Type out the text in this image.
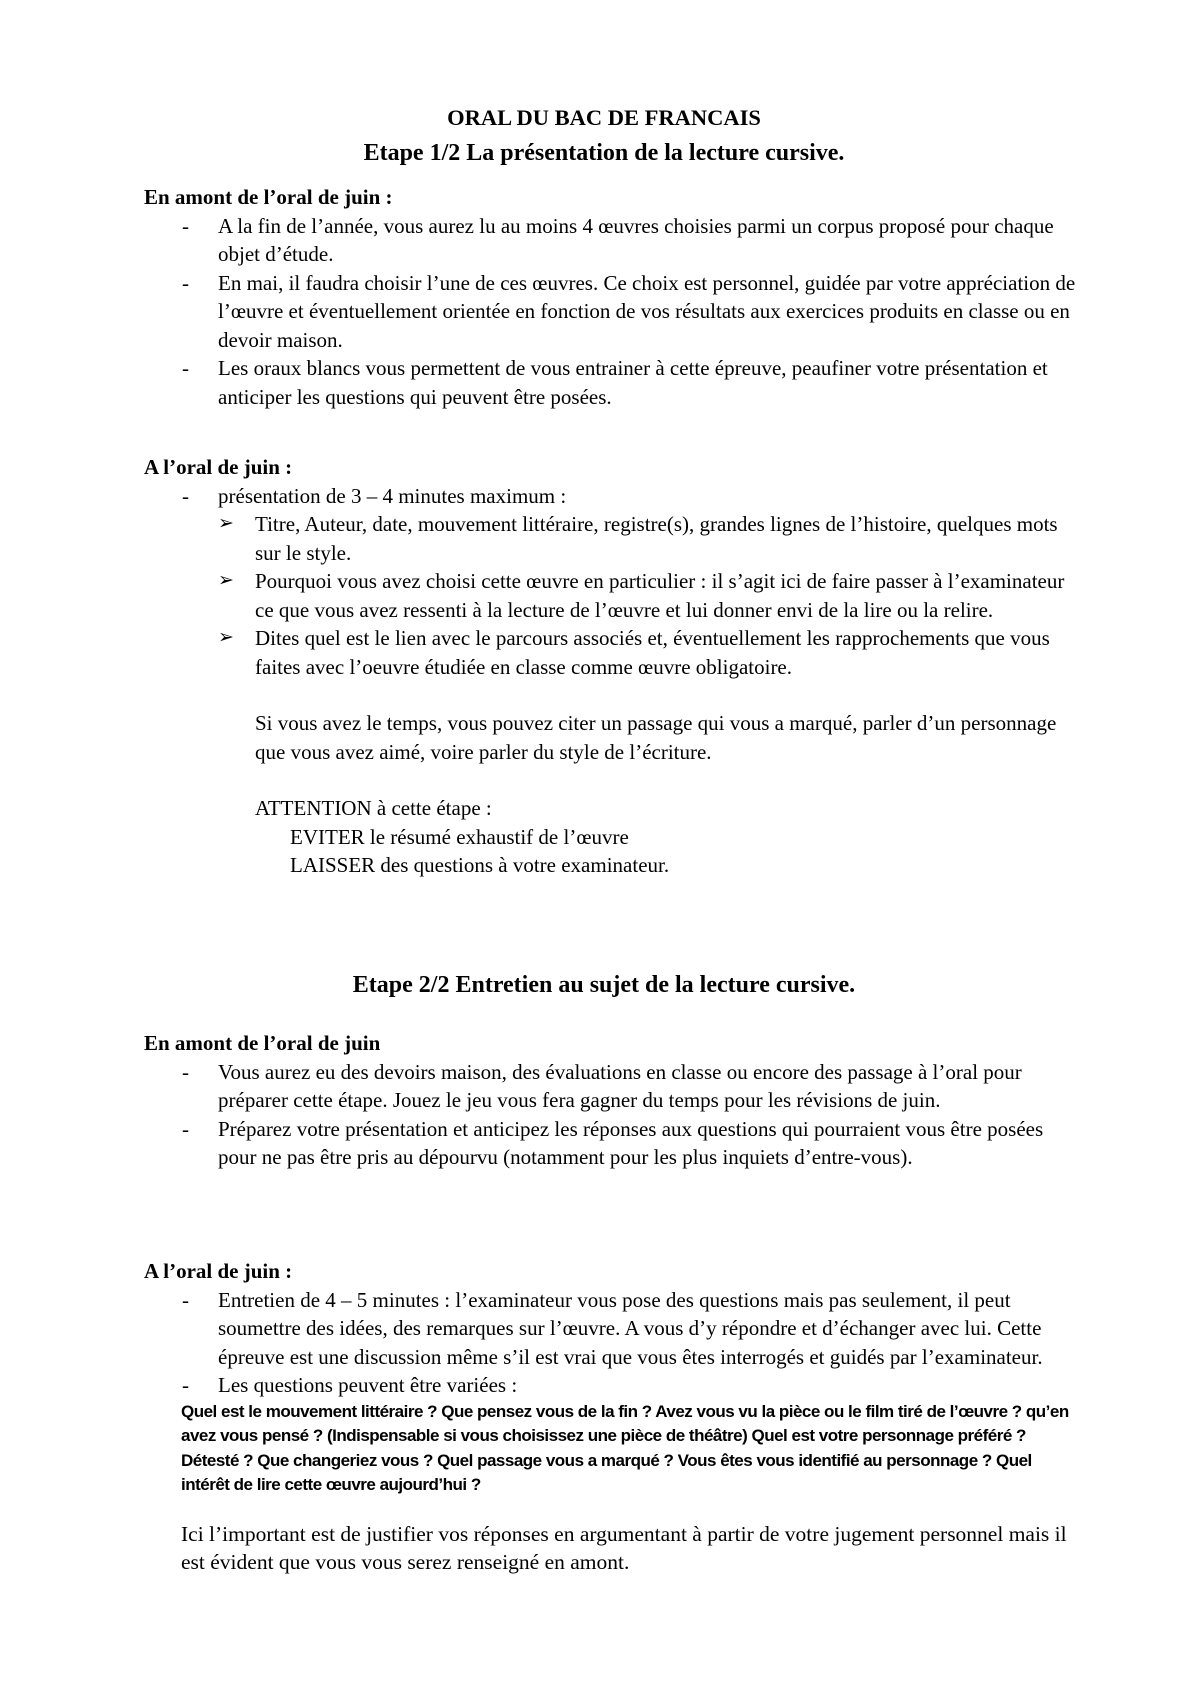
ORAL DU BAC DE FRANCAIS
Etape 1/2 La présentation de la lecture cursive.

En amont de l’oral de juin :

- A la fin de l’année, vous aurez lu au moins 4 œuvres choisies parmi un corpus proposé pour chaque objet d’étude.
- En mai, il faudra choisir l’une de ces œuvres. Ce choix est personnel, guidée par votre appréciation de l’œuvre et éventuellement orientée en fonction de vos résultats aux exercices produits en classe ou en devoir maison.
- Les oraux blancs vous permettent de vous entrainer à cette épreuve, peaufiner votre présentation et anticiper les questions qui peuvent être posées.

A l’oral de juin :

- présentation de 3 – 4 minutes maximum :
➢ Titre, Auteur, date, mouvement littéraire, registre(s), grandes lignes de l’histoire, quelques mots sur le style.
➢ Pourquoi vous avez choisi cette œuvre en particulier : il s’agit ici de faire passer à l’examinateur ce que vous avez ressenti à la lecture de l’œuvre et lui donner envi de la lire ou la relire.
➢ Dites quel est le lien avec le parcours associés et, éventuellement les rapprochements que vous faites avec l’oeuvre étudiée en classe comme œuvre obligatoire.

Si vous avez le temps, vous pouvez citer un passage qui vous a marqué, parler d’un personnage que vous avez aimé, voire parler du style de l’écriture.

ATTENTION à cette étape :

EVITER le résumé exhaustif de l’œuvre

LAISSER des questions à votre examinateur.

Etape 2/2 Entretien au sujet de la lecture cursive.

En amont de l’oral de juin

- Vous aurez eu des devoirs maison, des évaluations en classe ou encore des passage à l’oral pour préparer cette étape. Jouez le jeu vous fera gagner du temps pour les révisions de juin.
- Préparez votre présentation et anticipez les réponses aux questions qui pourraient vous être posées pour ne pas être pris au dépourvu (notamment pour les plus inquiets d’entre-vous).

A l’oral de juin :

- Entretien de 4 – 5 minutes : l’examinateur vous pose des questions mais pas seulement, il peut soumettre des idées, des remarques sur l’œuvre. A vous d’y répondre et d’échanger avec lui. Cette épreuve est une discussion même s’il est vrai que vous êtes interrogés et guidés par l’examinateur.
- Les questions peuvent être variées :

Quel est le mouvement littéraire ? Que pensez vous de la fin ? Avez vous vu la pièce ou le film tiré de l’œuvre ? qu’en avez vous pensé ? (Indispensable si vous choisissez une pièce de théâtre) Quel est votre personnage préféré ? Détesté ? Que changeriez vous ? Quel passage vous a marqué ? Vous êtes vous identifié au personnage ? Quel intérêt de lire cette œuvre aujourd’hui ?

Ici l’important est de justifier vos réponses en argumentant à partir de votre jugement personnel mais il est évident que vous vous serez renseigné en amont.
